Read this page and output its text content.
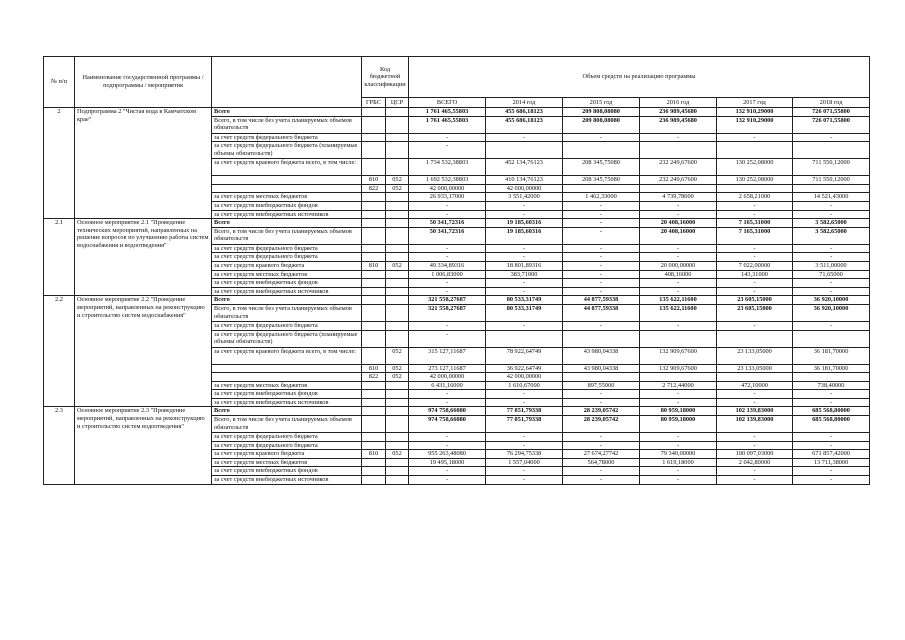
№ п/п	Наименование государственной программы / подпрограммы / мероприятия		Код бюджетной классификации		Объем средств на реализацию программы					
			ГРБС	ЦСР	ВСЕГО	2014 год	2015 год	2016 год	2017 год	2018 год
2	Подпрограмма 2 "Чистая вода в Камчатском крае"	Всего			1 761 465,55803	455 686,18123	209 808,08080	236 989,45680	132 910,29000	726 071,55800
		Всего, в том числе без учета планируемых объемов обязательств			1 761 465,55803	455 686,18123	209 808,08080	236 989,45680	132 910,29000	726 071,55800
		за счет средств федерального бюджета			-	-	-	-	-	-
		за счет средств федерального бюджета (планируемые объемы обязательств)			-					
		за счет средств краевого бюджета всего, в том числе:			1 734 532,38803	452 134,76123	208 345,75080	232 249,67600	130 252,08000	711 550,12000
			810	052	1 692 532,38803	410 134,76123	208 345,75080	232 249,67600	130 252,08000	711 550,12000
			822	052	42 000,00000	42 000,00000				
		за счет средств местных бюджетов			26 933,17000	3 551,42000	1 462,33000	4 739,78000	2 658,21000	14 521,43000
		за счет средств внебюджетных фондов			-	-	-	-	-	-
		за счет средств внебюджетных источников			-	-	-	-	-	-
2.1	Основное мероприятие 2.1 "Проведение технических мероприятий, направленных на решение вопросов по улучшению работы систем водоснабжения и водоотведения"	Всего			50 341,72316	19 185,60316	-	20 408,16000	7 165,31000	3 582,65000
		Всего, в том числе без учета планируемых объемов обязательств			50 341,72316	19 185,60316	-	20 408,16000	7 165,31000	3 582,65000
		за счет средств федерального бюджета			-	-	-	-	-	-
		за счет средств федерального бюджета			-	-	-	-	-	-
		за счет средств краевого бюджета	810	052	49 334,89316	18 801,89316	-	20 000,00000	7 022,00000	3 511,00000
		за счет средств местных бюджетов			1 006,83000	383,71000	-	408,16000	143,31000	71,65000
		за счет средств внебюджетных фондов			-	-	-	-	-	-
		за счет средств внебюджетных источников			-	-	-	-	-	-
2.2	Основное мероприятие 2.2 "Проведение мероприятий, направленных на реконструкцию и строительство систем водоснабжения"	Всего			321 558,27687	80 533,31749	44 877,59338	135 622,11600	23 605,15000	36 920,10000
		Всего, в том числе без учета планируемых объемов обязательств			321 558,27687	80 533,31749	44 877,59338	135 622,11600	23 605,15000	36 920,10000
		за счет средств федерального бюджета			-	-	-	-	-	-
		за счет средств федерального бюджета (планируемые объемы обязательств)			-					
		за счет средств краевого бюджета всего, в том числе:		052	315 127,11687	78 922,64749	43 980,04338	132 909,67600	23 133,05000	36 181,70000
			810	052	273 127,11687	36 922,64749	43 980,04338	132 909,67600	23 133,05000	36 181,70000
			822	052	42 000,00000	42 000,00000				
		за счет средств местных бюджетов			6 431,16000	1 610,67000	897,55000	2 712,44000	472,10000	738,40000
		за счет средств внебюджетных фондов			-	-	-	-	-	-
		за счет средств внебюджетных источников			-	-	-	-	-	-
2.3	Основное мероприятие 2.3 "Проведение мероприятий, направленных на реконструкцию и строительство систем водоотведения"	Всего			974 758,66080	77 851,79338	28 239,05742	80 959,18000	102 139,83000	685 568,80000
		Всего, в том числе без учета планируемых объемов обязательств			974 758,66080	77 851,79338	28 239,05742	80 959,18000	102 139,83000	685 568,80000
		за счет средств федерального бюджета			-	-	-	-	-	-
		за счет средств федерального бюджета			-	-	-	-	-	-
		за счет средств краевого бюджета	810	052	955 263,48080	76 294,75338	27 674,27742	79 340,00000	100 097,03000	671 857,42000
		за счет средств местных бюджетов			19 495,18000	1 557,04000	564,78000	1 619,18000	2 042,80000	13 711,38000
		за счет средств внебюджетных фондов			-	-	-	-	-	-
		за счет средств внебюджетных источников			-	-	-	-	-	-
